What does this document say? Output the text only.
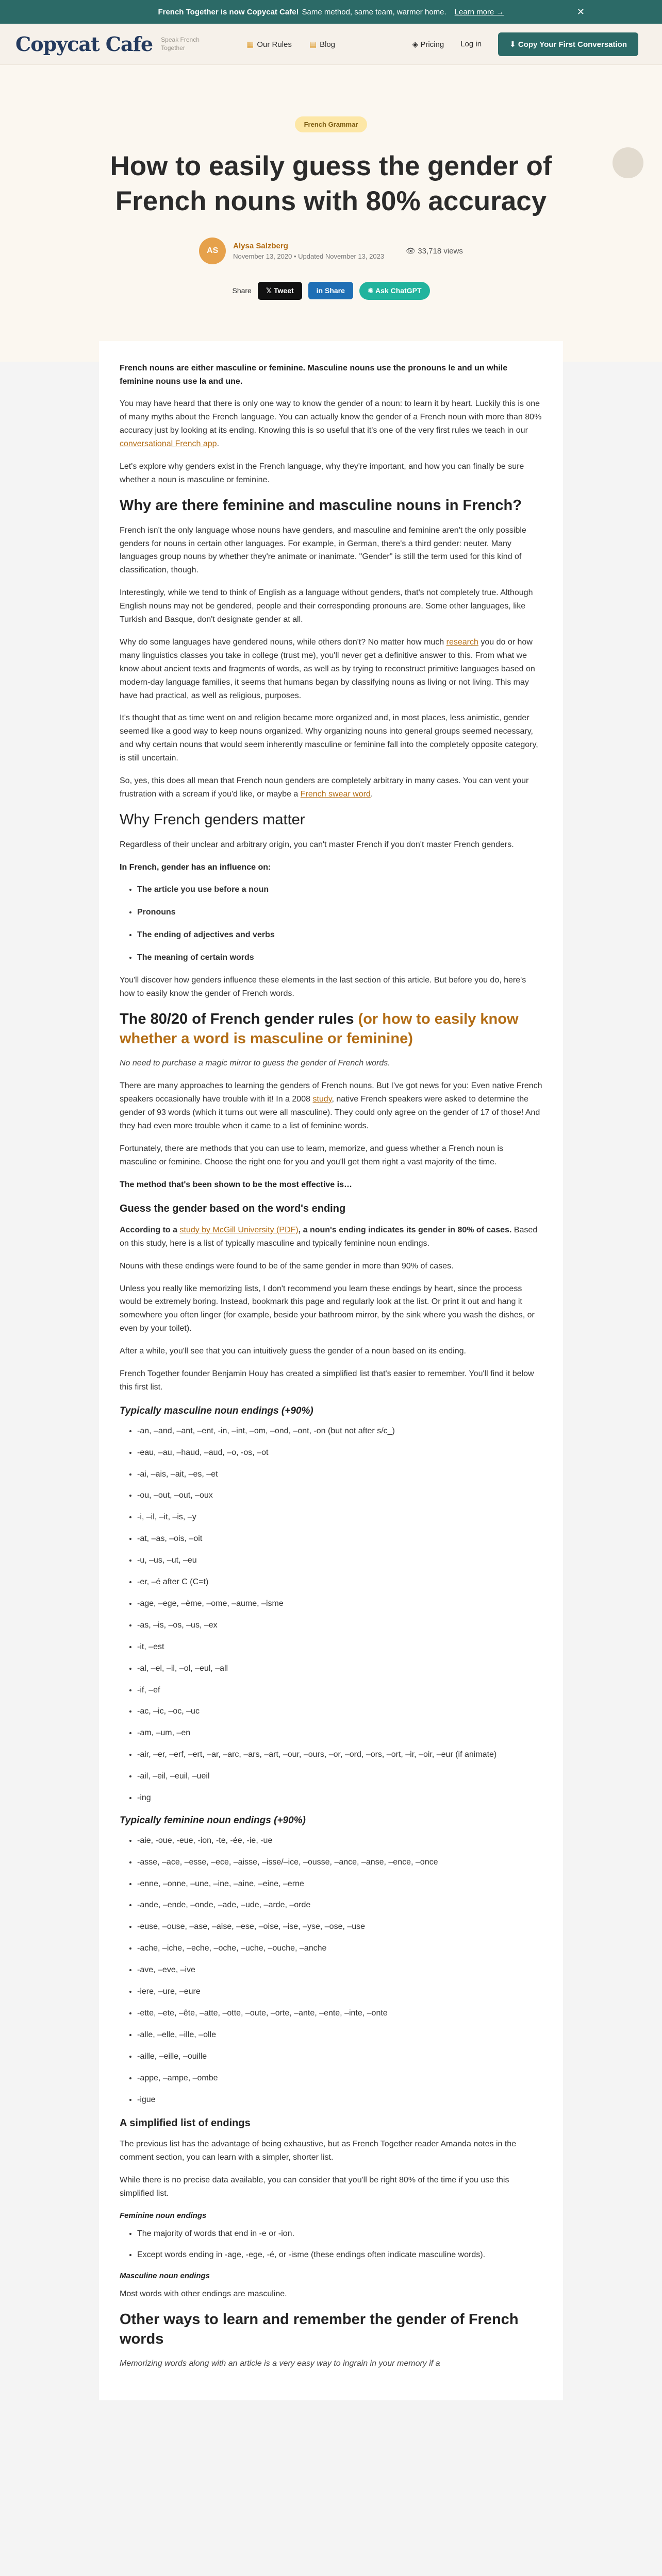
French Together is now Copycat Cafe! Same method, same team, warmer home. Learn more →	✕
Copycat Cafe Speak French Together	▦ Our Rules ▤ Blog	◈ Pricing Log in	⬇ Copy Your First Conversation
French Grammar
How to easily guess the gender of French nouns with 80% accuracy
AS
Alysa Salzberg
November 13, 2020 • Updated November 13, 2023
👁 33,718 views
Share	𝕏 Tweet	in Share	✺ Ask ChatGPT

French nouns are either masculine or feminine. Masculine nouns use the pronouns le and un while feminine nouns use la and une.

You may have heard that there is only one way to know the gender of a noun: to learn it by heart. Luckily this is one of many myths about the French language. You can actually know the gender of a French noun with more than 80% accuracy just by looking at its ending. Knowing this is so useful that it's one of the very first rules we teach in our conversational French app.

Let's explore why genders exist in the French language, why they're important, and how you can finally be sure whether a noun is masculine or feminine.

Why are there feminine and masculine nouns in French?

French isn't the only language whose nouns have genders, and masculine and feminine aren't the only possible genders for nouns in certain other languages. For example, in German, there's a third gender: neuter. Many languages group nouns by whether they're animate or inanimate. "Gender" is still the term used for this kind of classification, though.

Interestingly, while we tend to think of English as a language without genders, that's not completely true. Although English nouns may not be gendered, people and their corresponding pronouns are. Some other languages, like Turkish and Basque, don't designate gender at all.

Why do some languages have gendered nouns, while others don't? No matter how much research you do or how many linguistics classes you take in college (trust me), you'll never get a definitive answer to this. From what we know about ancient texts and fragments of words, as well as by trying to reconstruct primitive languages based on modern-day language families, it seems that humans began by classifying nouns as living or not living. This may have had practical, as well as religious, purposes.

It's thought that as time went on and religion became more organized and, in most places, less animistic, gender seemed like a good way to keep nouns organized. Why organizing nouns into general groups seemed necessary, and why certain nouns that would seem inherently masculine or feminine fall into the completely opposite category, is still uncertain.

So, yes, this does all mean that French noun genders are completely arbitrary in many cases. You can vent your frustration with a scream if you'd like, or maybe a French swear word.

Why French genders matter

Regardless of their unclear and arbitrary origin, you can't master French if you don't master French genders.

In French, gender has an influence on:

• The article you use before a noun
• Pronouns
• The ending of adjectives and verbs
• The meaning of certain words

You'll discover how genders influence these elements in the last section of this article. But before you do, here's how to easily know the gender of French words.

The 80/20 of French gender rules (or how to easily know whether a word is masculine or feminine)

No need to purchase a magic mirror to guess the gender of French words.

There are many approaches to learning the genders of French nouns. But I've got news for you: Even native French speakers occasionally have trouble with it! In a 2008 study, native French speakers were asked to determine the gender of 93 words (which it turns out were all masculine). They could only agree on the gender of 17 of those! And they had even more trouble when it came to a list of feminine words.

Fortunately, there are methods that you can use to learn, memorize, and guess whether a French noun is masculine or feminine. Choose the right one for you and you'll get them right a vast majority of the time.

The method that's been shown to be the most effective is…

Guess the gender based on the word's ending

According to a study by McGill University (PDF), a noun's ending indicates its gender in 80% of cases. Based on this study, here is a list of typically masculine and typically feminine noun endings.

Nouns with these endings were found to be of the same gender in more than 90% of cases.

Unless you really like memorizing lists, I don't recommend you learn these endings by heart, since the process would be extremely boring. Instead, bookmark this page and regularly look at the list. Or print it out and hang it somewhere you often linger (for example, beside your bathroom mirror, by the sink where you wash the dishes, or even by your toilet).

After a while, you'll see that you can intuitively guess the gender of a noun based on its ending.

French Together founder Benjamin Houy has created a simplified list that's easier to remember. You'll find it below this first list.

Typically masculine noun endings (+90%)
• -an, –and, –ant, –ent, -in, –int, –om, –ond, –ont, -on (but not after s/c_)
• -eau, –au, –haud, –aud, –o, -os, –ot
• -ai, –ais, –ait, –es, –et
• -ou, –out, –out, –oux
• -i, –il, –it, –is, –y
• -at, –as, –ois, –oit
• -u, –us, –ut, –eu
• -er, –é after C (C=t)
• -age, –ege, –ème, –ome, –aume, –isme
• -as, –is, –os, –us, –ex
• -it, –est
• -al, –el, –il, –ol, –eul, –all
• -if, –ef
• -ac, –ic, –oc, –uc
• -am, –um, –en
• -air, –er, –erf, –ert, –ar, –arc, –ars, –art, –our, –ours, –or, –ord, –ors, –ort, –ir, –oir, –eur (if animate)
• -ail, –eil, –euil, –ueil
• -ing
Typically feminine noun endings (+90%)
• -aie, -oue, -eue, -ion, -te, -ée, -ie, -ue
• -asse, –ace, –esse, –ece, –aisse, –isse/–ice, –ousse, –ance, –anse, –ence, –once
• -enne, –onne, –une, –ine, –aine, –eine, –erne
• -ande, –ende, –onde, –ade, –ude, –arde, –orde
• -euse, –ouse, –ase, –aise, –ese, –oise, –ise, –yse, –ose, –use
• -ache, –iche, –eche, –oche, –uche, –ouche, –anche
• -ave, –eve, –ive
• -iere, –ure, –eure
• -ette, –ete, –ête, –atte, –otte, –oute, –orte, –ante, –ente, –inte, –onte
• -alle, –elle, –ille, –olle
• -aille, –eille, –ouille
• -appe, –ampe, –ombe
• -igue
A simplified list of endings

The previous list has the advantage of being exhaustive, but as French Together reader Amanda notes in the comment section, you can learn with a simpler, shorter list.

While there is no precise data available, you can consider that you'll be right 80% of the time if you use this simplified list.

Feminine noun endings
• The majority of words that end in -e or -ion.
• Except words ending in -age, -ege, -é, or -isme (these endings often indicate masculine words).
Masculine noun endings

Most words with other endings are masculine.

Other ways to learn and remember the gender of French words

Memorizing words along with an article is a very easy way to ingrain in your memory if a
